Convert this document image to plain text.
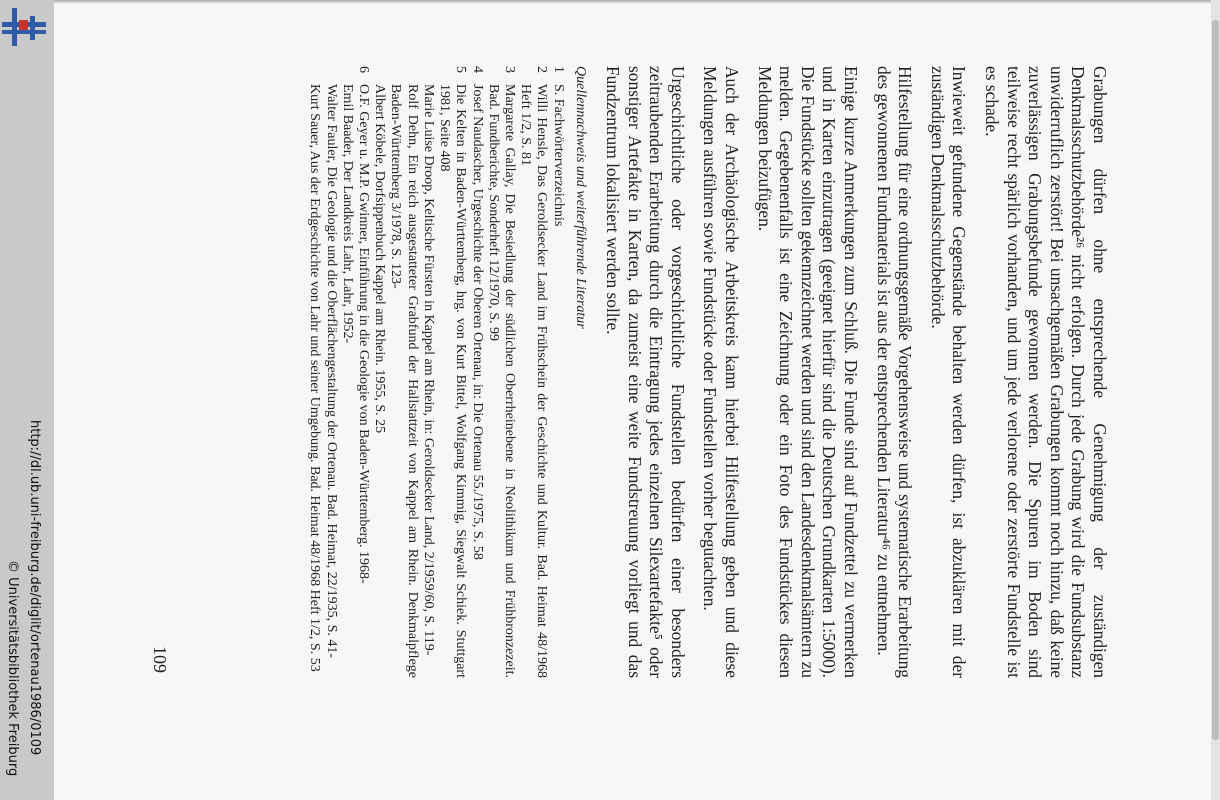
http://dl.ub.uni-freiburg.de/diglit/ortenau1986/0109
© Universitätsbibliothek Freiburg	Grabungen dürfen ohne entsprechende Genehmigung der zuständigen Denkmalsschutzbehörde²⁶ nicht erfolgen. Durch jede Grabung wird die Fundsubstanz unwiderruflich zerstört! Bei unsachgemäßen Grabungen kommt noch hinzu, daß keine zuverlässigen Grabungsbefunde gewonnen werden. Die Spuren im Boden sind teilweise recht spärlich vorhanden, und um jede verlorene oder zerstörte Fundstelle ist es schade.

Inwieweit gefundene Gegenstände behalten werden dürfen, ist abzuklären mit der zuständigen Denkmalsschutzbehörde.

Hilfestellung für eine ordnungsgemäße Vorgehensweise und systematische Erarbeitung des gewonnenen Fundmaterials ist aus der entsprechenden Literatur⁴⁶ zu entnehmen.

Einige kurze Anmerkungen zum Schluß. Die Funde sind auf Fundzettel zu vermerken und in Karten einzutragen (geeignet hierfür sind die Deutschen Grundkarten 1:5000). Die Fundstücke sollten gekennzeichnet werden und sind den Landesdenkmalsämtern zu melden. Gegebenenfalls ist eine Zeichnung oder ein Foto des Fundstückes diesen Meldungen beizufügen.

Auch der Archäologische Arbeitskreis kann hierbei Hilfestellung geben und diese Meldungen ausführen sowie Fundstücke oder Fundstellen vorher begutachten.

Urgeschichtliche oder vorgeschichtliche Fundstellen bedürfen einer besonders zeitraubenden Erarbeitung durch die Eintragung jedes einzelnen Silexartefakte⁵ oder sonstiger Artefakte in Karten, da zumeist eine weite Fundstreuung vorliegt und das Fundzentrum lokalisiert werden sollte.

Quellennachweis und weiterführende Literatur
1
S. Fachwörterverzeichnis
2
Willi Hensle, Das Geroldsecker Land im Frühschein der Geschichte und Kultur. Bad. Heimat 48/1968 Heft 1/2, S. 81
3
Margarete Gallay, Die Besiedlung der südlichen Oberrheinebene in Neolithikum und Frühbronzezeit. Bad. Fundberichte, Sonderheft 12/1970, S. 99
4
Josef Naudascher, Urgeschichte der Oberen Ortenau, in: Die Ortenau 55./1975, S. 58
5
Die Kelten in Baden-Württemberg, hrg. von Kurt Bittel, Wolfgang Kimmig, Siegwalt Schiek. Stuttgart 1981, Seite 408
Marie Luise Droop, Keltische Fürsten in Kappel am Rhein, in: Geroldsecker Land, 2/1959/60, S. 119-
Rolf Dehn, Ein reich ausgestatteter Grabfund der Hallstattzeit von Kappel am Rhein. Denkmalpflege Baden-Württemberg 3/1978, S. 123-
Albert Köbele, Dorfsippenbuch Kappel am Rhein. 1955, S. 25
6
O.F. Geyer u. M.P. Gwinner, Einführung in die Geologie von Baden-Württemberg. 1968-
Emil Baader, Der Landkreis Lahr, Lahr, 1952-
Walter Fauler, Die Geologie und die Oberflächengestaltung der Ortenau. Bad. Heimat, 22/1935, S. 41-
Kurt Sauer, Aus der Erdgeschichte von Lahr und seiner Umgebung. Bad. Heimat 48/1968 Heft 1/2, S. 53
109
